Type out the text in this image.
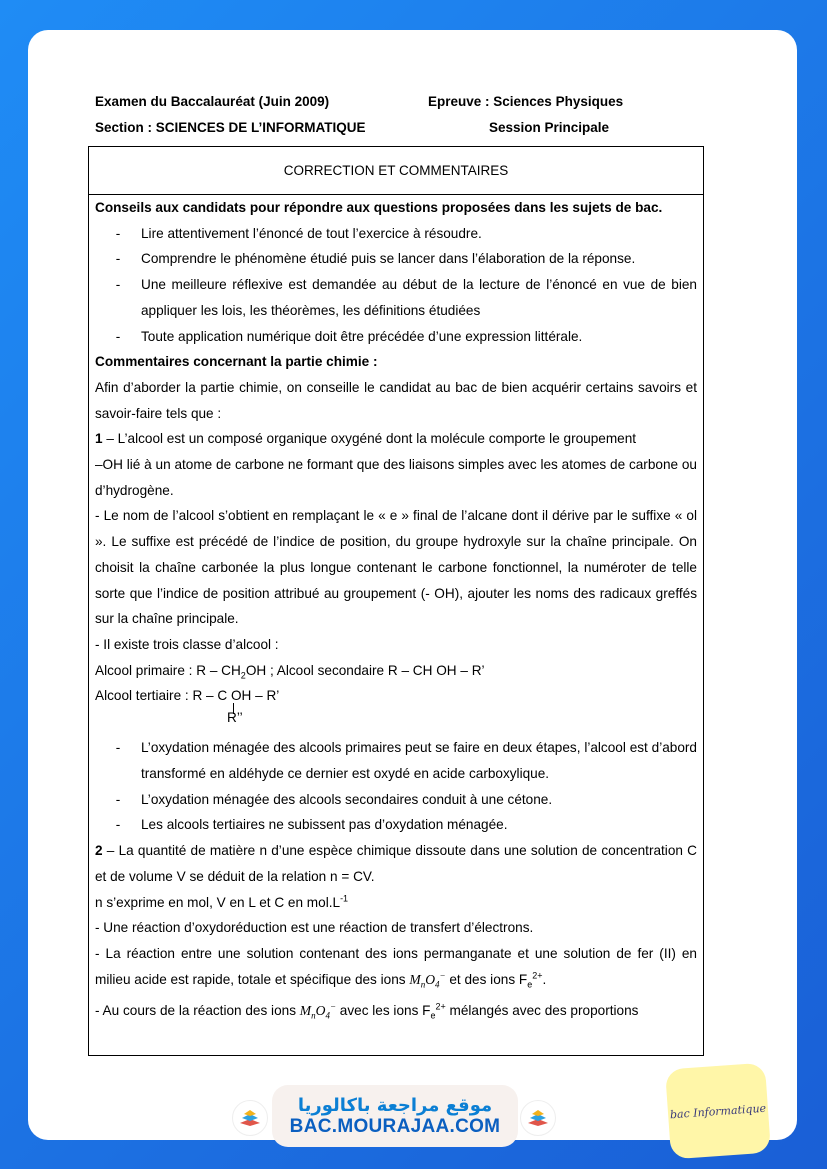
Examen du Baccalauréat (Juin 2009)	Epreuve : Sciences Physiques
Section : SCIENCES DE L’INFORMATIQUE	Session Principale
CORRECTION ET COMMENTAIRES

Conseils aux candidats pour répondre aux questions proposées dans les sujets de bac.

-	Lire attentivement l’énoncé de tout l’exercice à résoudre.
-	Comprendre le phénomène étudié puis se lancer dans l’élaboration de la réponse.
-	Une meilleure réflexive est demandée au début de la lecture de l’énoncé en vue de bien appliquer les lois, les théorèmes, les définitions étudiées
-	Toute application numérique doit être précédée d’une expression littérale.

Commentaires concernant la partie chimie :

Afin d’aborder la partie chimie, on conseille le candidat au bac de bien acquérir certains savoirs et savoir-faire tels que :

1 – L’alcool est un composé organique oxygéné dont la molécule comporte le groupement

–OH lié à un atome de carbone ne formant que des liaisons simples avec les atomes de carbone ou d’hydrogène.

- Le nom de l’alcool s’obtient en remplaçant le « e » final de l’alcane dont il dérive par le suffixe « ol ». Le suffixe est précédé de l’indice de position, du groupe hydroxyle sur la chaîne principale. On choisit la chaîne carbonée la plus longue contenant le carbone fonctionnel, la numéroter de telle sorte que l’indice de position attribué au groupement (- OH), ajouter les noms des radicaux greffés sur la chaîne principale.

- Il existe trois classe d’alcool :

Alcool primaire : R – $CH_2OH$ ; Alcool secondaire R – CH OH – R’

Alcool tertiaire : R – C OH – R’
R’’
-	L’oxydation ménagée des alcools primaires peut se faire en deux étapes, l’alcool est d’abord transformé en aldéhyde ce dernier est oxydé en acide carboxylique.
-	L’oxydation ménagée des alcools secondaires conduit à une cétone.
-	Les alcools tertiaires ne subissent pas d’oxydation ménagée.

2 – La quantité de matière n d’une espèce chimique dissoute dans une solution de concentration C et de volume V se déduit de la relation n = CV.

n s’exprime en mol, V en L et C en $mol.L^{-1}$

- Une réaction d’oxydoréduction est une réaction de transfert d’électrons.

- La réaction entre une solution contenant des ions permanganate et une solution de fer (II) en milieu acide est rapide, totale et spécifique des ions $M_nO_4^-$ et des ions $F_e^{2+}$.

- Au cours de la réaction des ions $M_nO_4^-$ avec les ions $F_e^{2+}$ mélangés avec des proportions

موقع مراجعة باكالوريا
BAC.MOURAJAA.COM
bac Informatique
